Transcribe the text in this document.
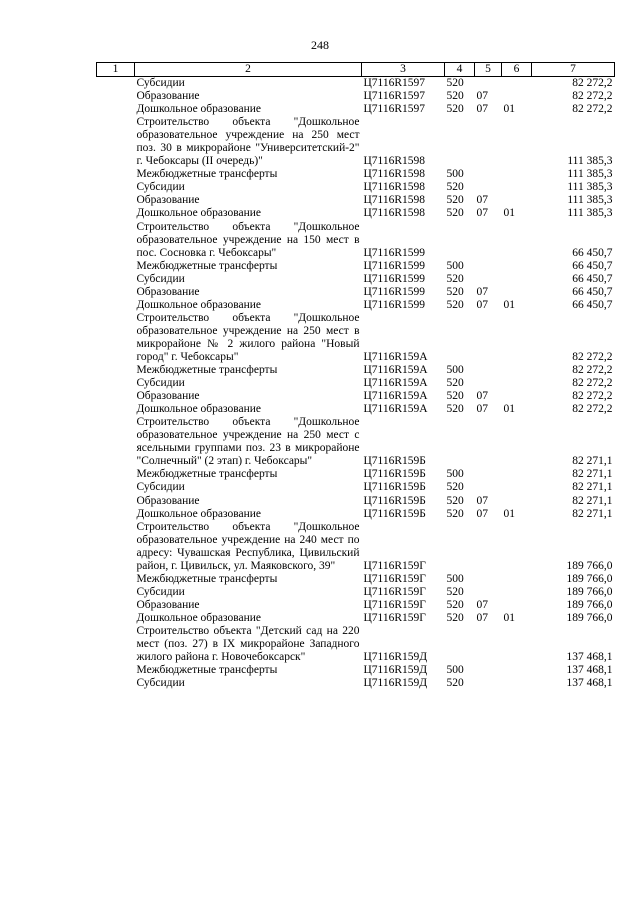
248
1	2	3	4	5	6	7
	Субсидии	Ц7116R1597	520			82 272,2
	Образование	Ц7116R1597	520	07		82 272,2
	Дошкольное образование	Ц7116R1597	520	07	01	82 272,2
	Строительство объекта "Дошкольное образовательное учреждение на 250 мест поз. 30 в микрорайоне "Университетский-2" г. Чебоксары (II очередь)"	Ц7116R1598				111 385,3
	Межбюджетные трансферты	Ц7116R1598	500			111 385,3
	Субсидии	Ц7116R1598	520			111 385,3
	Образование	Ц7116R1598	520	07		111 385,3
	Дошкольное образование	Ц7116R1598	520	07	01	111 385,3
	Строительство объекта "Дошкольное образовательное учреждение на 150 мест в пос. Сосновка г. Чебоксары"	Ц7116R1599				66 450,7
	Межбюджетные трансферты	Ц7116R1599	500			66 450,7
	Субсидии	Ц7116R1599	520			66 450,7
	Образование	Ц7116R1599	520	07		66 450,7
	Дошкольное образование	Ц7116R1599	520	07	01	66 450,7
	Строительство объекта "Дошкольное образовательное учреждение на 250 мест в микрорайоне № 2 жилого района "Новый город" г. Чебоксары"	Ц7116R159А				82 272,2
	Межбюджетные трансферты	Ц7116R159А	500			82 272,2
	Субсидии	Ц7116R159А	520			82 272,2
	Образование	Ц7116R159А	520	07		82 272,2
	Дошкольное образование	Ц7116R159А	520	07	01	82 272,2
	Строительство объекта "Дошкольное образовательное учреждение на 250 мест с ясельными группами поз. 23 в микрорайоне "Солнечный" (2 этап) г. Чебоксары"	Ц7116R159Б				82 271,1
	Межбюджетные трансферты	Ц7116R159Б	500			82 271,1
	Субсидии	Ц7116R159Б	520			82 271,1
	Образование	Ц7116R159Б	520	07		82 271,1
	Дошкольное образование	Ц7116R159Б	520	07	01	82 271,1
	Строительство объекта "Дошкольное образовательное учреждение на 240 мест по адресу: Чувашская Республика, Цивильский район, г. Цивильск, ул. Маяковского, 39"	Ц7116R159Г				189 766,0
	Межбюджетные трансферты	Ц7116R159Г	500			189 766,0
	Субсидии	Ц7116R159Г	520			189 766,0
	Образование	Ц7116R159Г	520	07		189 766,0
	Дошкольное образование	Ц7116R159Г	520	07	01	189 766,0
	Строительство объекта "Детский сад на 220 мест (поз. 27) в IX микрорайоне Западного жилого района г. Новочебоксарск"	Ц7116R159Д				137 468,1
	Межбюджетные трансферты	Ц7116R159Д	500			137 468,1
	Субсидии	Ц7116R159Д	520			137 468,1
